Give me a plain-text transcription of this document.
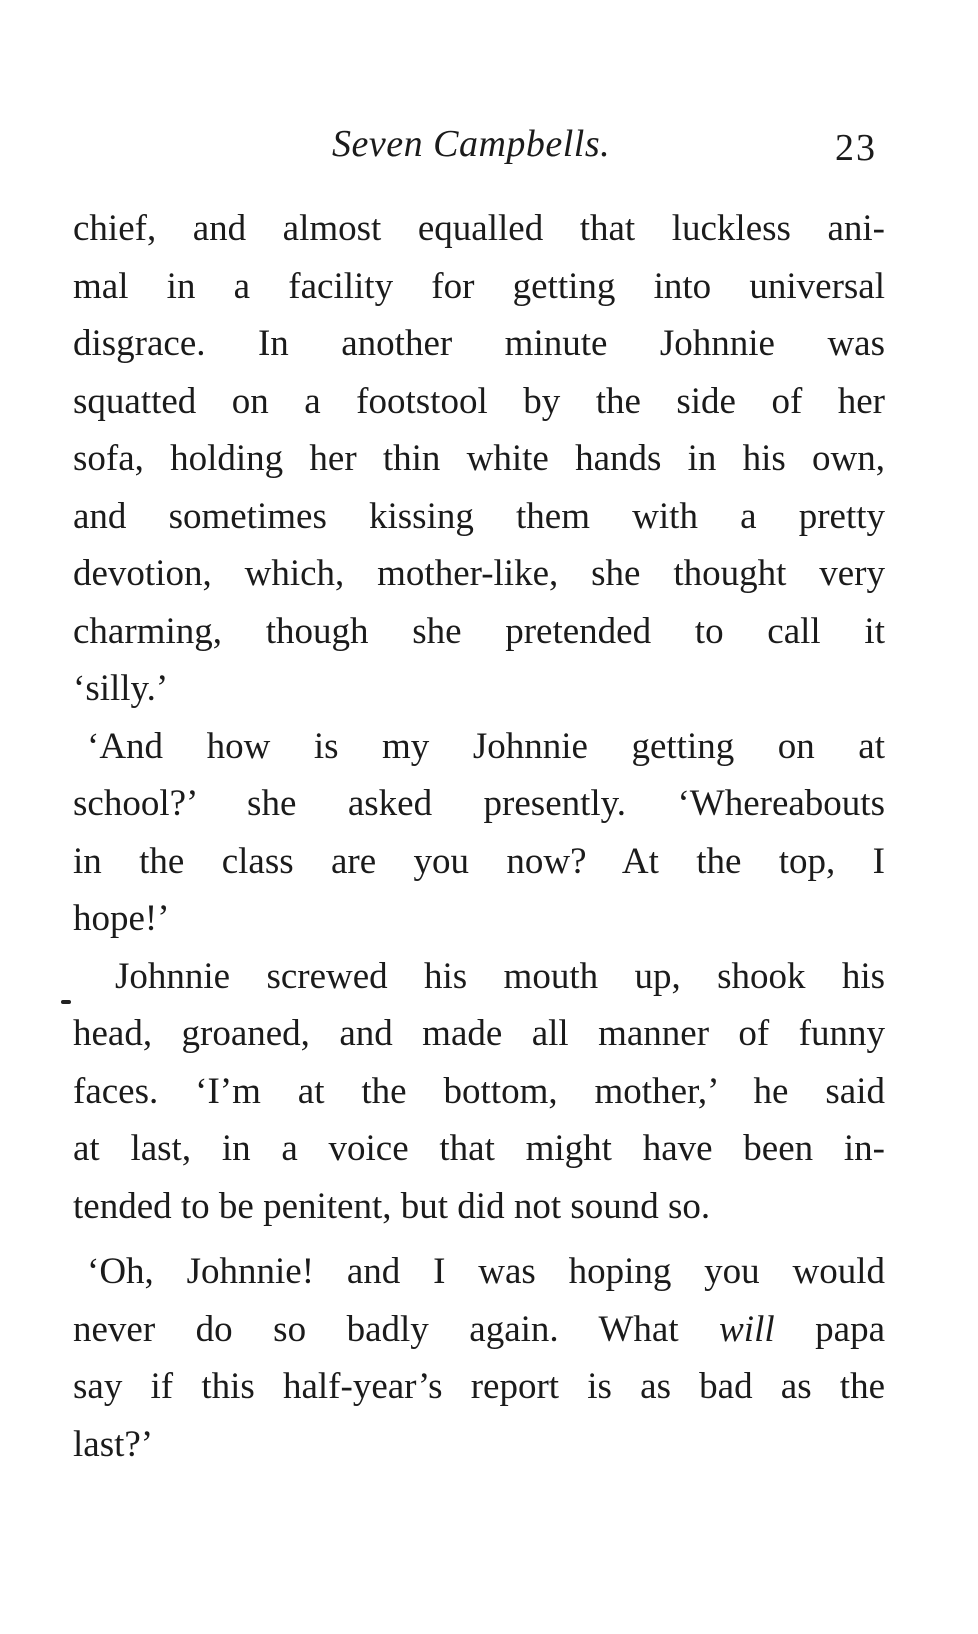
Seven Campbells.	23
chief, and almost equalled that luckless ani-
mal in a facility for getting into universal
disgrace. In another minute Johnnie was
squatted on a footstool by the side of her
sofa, holding her thin white hands in his own,
and sometimes kissing them with a pretty
devotion, which, mother-like, she thought very
charming, though she pretended to call it
‘silly.’
‘And how is my Johnnie getting on at
school?’ she asked presently. ‘Whereabouts
in the class are you now? At the top, I
hope!’
Johnnie screwed his mouth up, shook his
head, groaned, and made all manner of funny
faces. ‘I’m at the bottom, mother,’ he said
at last, in a voice that might have been in-
tended to be penitent, but did not sound so.
‘Oh, Johnnie! and I was hoping you would
never do so badly again. What will papa
say if this half-year’s report is as bad as the
last?’
